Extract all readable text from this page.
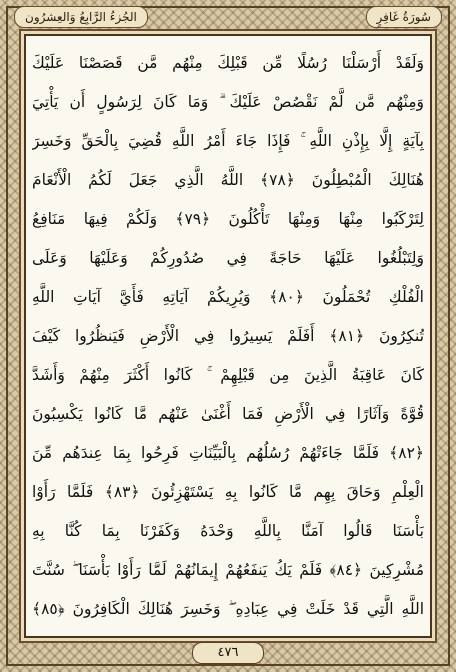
الجُزءُ الرَّابِعُ وَالعِشرُون	سُورَةُ غَافِرٍ
وَلَقَدْ أَرْسَلْنَا رُسُلًا مِّن قَبْلِكَ مِنْهُم مَّن قَصَصْنَا عَلَيْكَ
وَمِنْهُم مَّن لَّمْ نَقْصُصْ عَلَيْكَ ۗ وَمَا كَانَ لِرَسُولٍ أَن يَأْتِيَ
بِآيَةٍ إِلَّا بِإِذْنِ اللَّهِ ۚ فَإِذَا جَاءَ أَمْرُ اللَّهِ قُضِيَ بِالْحَقِّ وَخَسِرَ
هُنَالِكَ الْمُبْطِلُونَ ﴿٧٨﴾ اللَّهُ الَّذِي جَعَلَ لَكُمُ الْأَنْعَامَ
لِتَرْكَبُوا مِنْهَا وَمِنْهَا تَأْكُلُونَ ﴿٧٩﴾ وَلَكُمْ فِيهَا مَنَافِعُ
وَلِتَبْلُغُوا عَلَيْهَا حَاجَةً فِي صُدُورِكُمْ وَعَلَيْهَا وَعَلَى
الْفُلْكِ تُحْمَلُونَ ﴿٨٠﴾ وَيُرِيكُمْ آيَاتِهِ فَأَيَّ آيَاتِ اللَّهِ
تُنكِرُونَ ﴿٨١﴾ أَفَلَمْ يَسِيرُوا فِي الْأَرْضِ فَيَنظُرُوا كَيْفَ
كَانَ عَاقِبَةُ الَّذِينَ مِن قَبْلِهِمْ ۚ كَانُوا أَكْثَرَ مِنْهُمْ وَأَشَدَّ
قُوَّةً وَآثَارًا فِي الْأَرْضِ فَمَا أَغْنَىٰ عَنْهُم مَّا كَانُوا يَكْسِبُونَ
﴿٨٢﴾ فَلَمَّا جَاءَتْهُمْ رُسُلُهُم بِالْبَيِّنَاتِ فَرِحُوا بِمَا عِندَهُم مِّنَ
الْعِلْمِ وَحَاقَ بِهِم مَّا كَانُوا بِهِ يَسْتَهْزِئُونَ ﴿٨٣﴾ فَلَمَّا رَأَوْا
بَأْسَنَا قَالُوا آمَنَّا بِاللَّهِ وَحْدَهُ وَكَفَرْنَا بِمَا كُنَّا بِهِ
مُشْرِكِينَ ﴿٨٤﴾ فَلَمْ يَكُ يَنفَعُهُمْ إِيمَانُهُمْ لَمَّا رَأَوْا بَأْسَنَا ۖ سُنَّتَ
اللَّهِ الَّتِي قَدْ خَلَتْ فِي عِبَادِهِ ۖ وَخَسِرَ هُنَالِكَ الْكَافِرُونَ ﴿٨٥﴾
٤٧٦
